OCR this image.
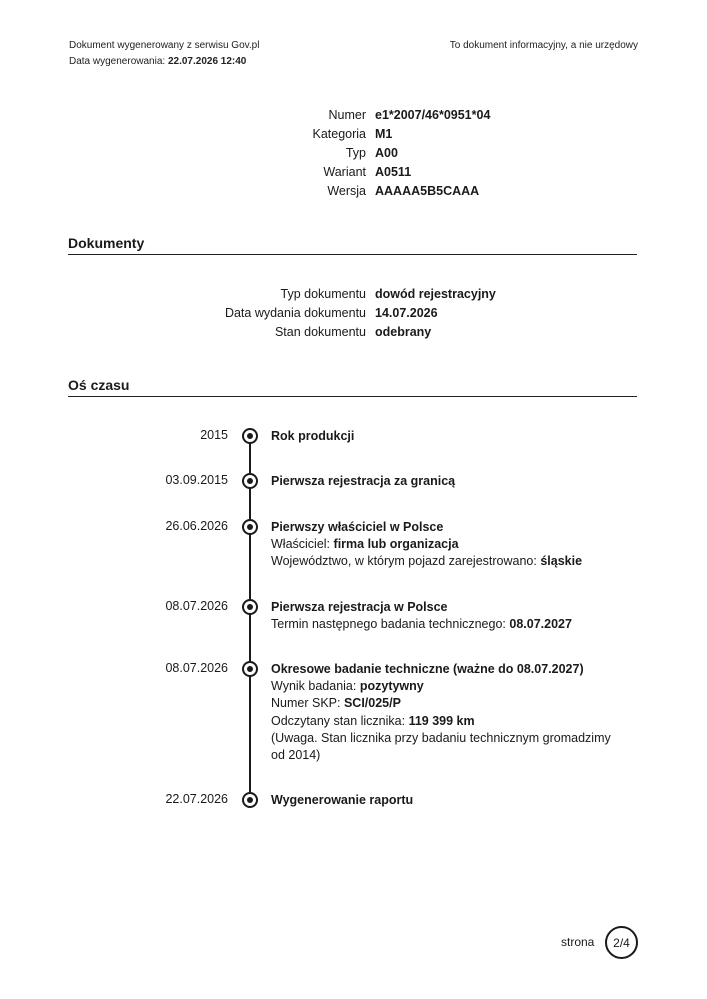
Dokument wygenerowany z serwisu Gov.pl
Data wygenerowania: 22.07.2026 12:40
To dokument informacyjny, a nie urzędowy
Numer e1*2007/46*0951*04
Kategoria M1
Typ A00
Wariant A0511
Wersja AAAAA5B5CAAA
Dokumenty
Typ dokumentu dowód rejestracyjny
Data wydania dokumentu 14.07.2026
Stan dokumentu odebrany
Oś czasu
2015	Rok produkcji
03.09.2015	Pierwsza rejestracja za granicą
26.06.2026	Pierwszy właściciel w Polsce
Właściciel: firma lub organizacja
Województwo, w którym pojazd zarejestrowano: śląskie
08.07.2026	Pierwsza rejestracja w Polsce
Termin następnego badania technicznego: 08.07.2027
08.07.2026	Okresowe badanie techniczne (ważne do 08.07.2027)
Wynik badania: pozytywny
Numer SKP: SCI/025/P
Odczytany stan licznika: 119 399 km
(Uwaga. Stan licznika przy badaniu technicznym gromadzimy od 2014)
22.07.2026	Wygenerowanie raportu
strona	2/4
